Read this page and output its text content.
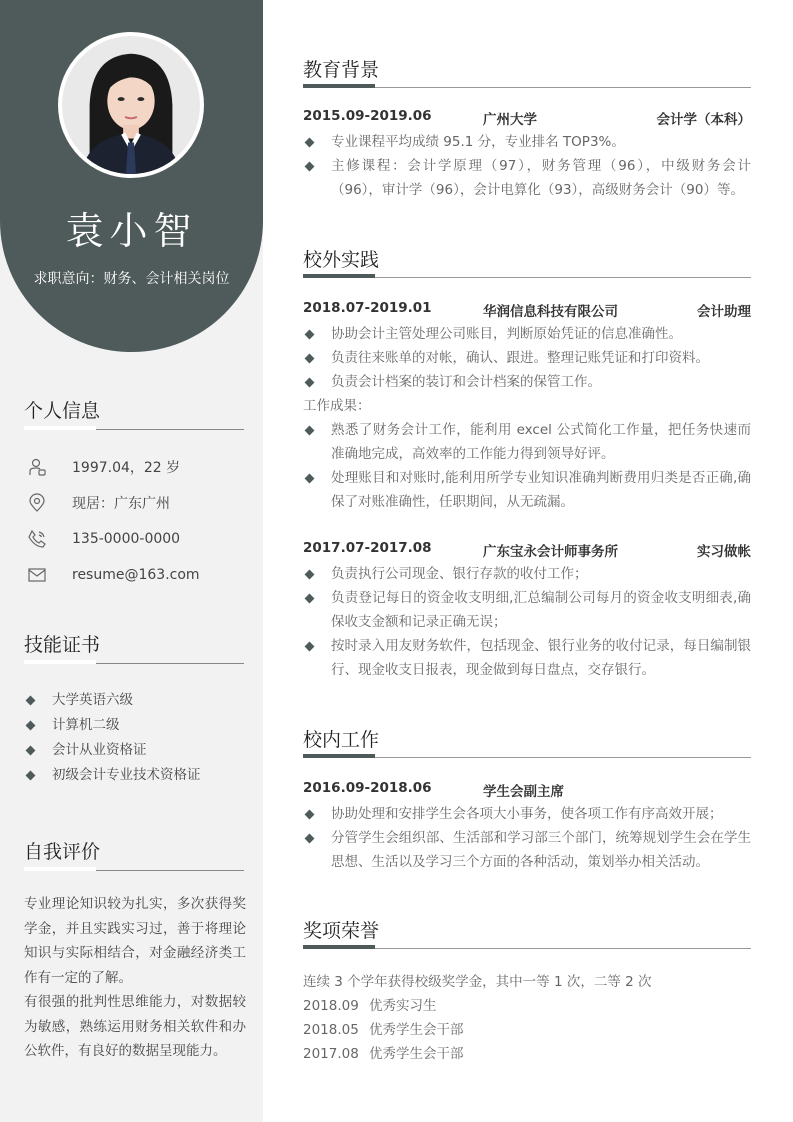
袁小智
求职意向：财务、会计相关岗位
个人信息
1997.04，22 岁
现居：广东广州
135-0000-0000
resume@163.com
技能证书
大学英语六级
计算机二级
会计从业资格证
初级会计专业技术资格证
自我评价

专业理论知识较为扎实，多次获得奖学金，并且实践实习过，善于将理论知识与实际相结合，对金融经济类工作有一定的了解。

有很强的批判性思维能力，对数据较为敏感，熟练运用财务相关软件和办公软件，有良好的数据呈现能力。

教育背景
2015.09-2019.06	广州大学	会计学（本科）
专业课程平均成绩 95.1 分，专业排名 TOP3%。
主修课程：会计学原理（97），财务管理（96），中级财务会计（96），审计学（96），会计电算化（93），高级财务会计（90）等。
校外实践
2018.07-2019.01	华润信息科技有限公司	会计助理
协助会计主管处理公司账目，判断原始凭证的信息准确性。
负责往来账单的对帐，确认、跟进。整理记账凭证和打印资料。
负责会计档案的装订和会计档案的保管工作。
工作成果：
熟悉了财务会计工作，能利用 excel 公式简化工作量，把任务快速而准确地完成，高效率的工作能力得到领导好评。
处理账目和对账时,能利用所学专业知识准确判断费用归类是否正确,确保了对账准确性，任职期间，从无疏漏。
2017.07-2017.08	广东宝永会计师事务所	实习做帐
负责执行公司现金、银行存款的收付工作；
负责登记每日的资金收支明细,汇总编制公司每月的资金收支明细表,确保收支金额和记录正确无误；
按时录入用友财务软件，包括现金、银行业务的收付记录，每日编制银行、现金收支日报表，现金做到每日盘点，交存银行。
校内工作
2016.09-2018.06	学生会副主席
协助处理和安排学生会各项大小事务，使各项工作有序高效开展；
分管学生会组织部、生活部和学习部三个部门，统筹规划学生会在学生思想、生活以及学习三个方面的各种活动，策划举办相关活动。
奖项荣誉
连续 3 个学年获得校级奖学金，其中一等 1 次，二等 2 次
2018.09 优秀实习生
2018.05 优秀学生会干部
2017.08 优秀学生会干部
